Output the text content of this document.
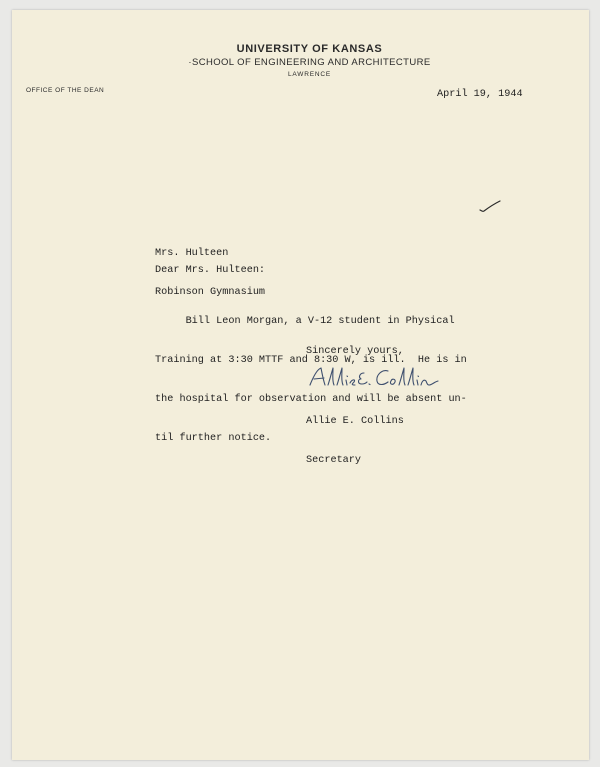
UNIVERSITY OF KANSAS
·SCHOOL OF ENGINEERING AND ARCHITECTURE
LAWRENCE
OFFICE OF THE DEAN	April 19, 1944

Mrs. Hulteen

Robinson Gymnasium

Dear Mrs. Hulteen:

Bill Leon Morgan, a V-12 student in Physical

Training at 3:30 MTTF and 8:30 W, is ill.  He is in

the hospital for observation and will be absent un-

til further notice.

Sincerely yours,

Allie E. Collins

Secretary
